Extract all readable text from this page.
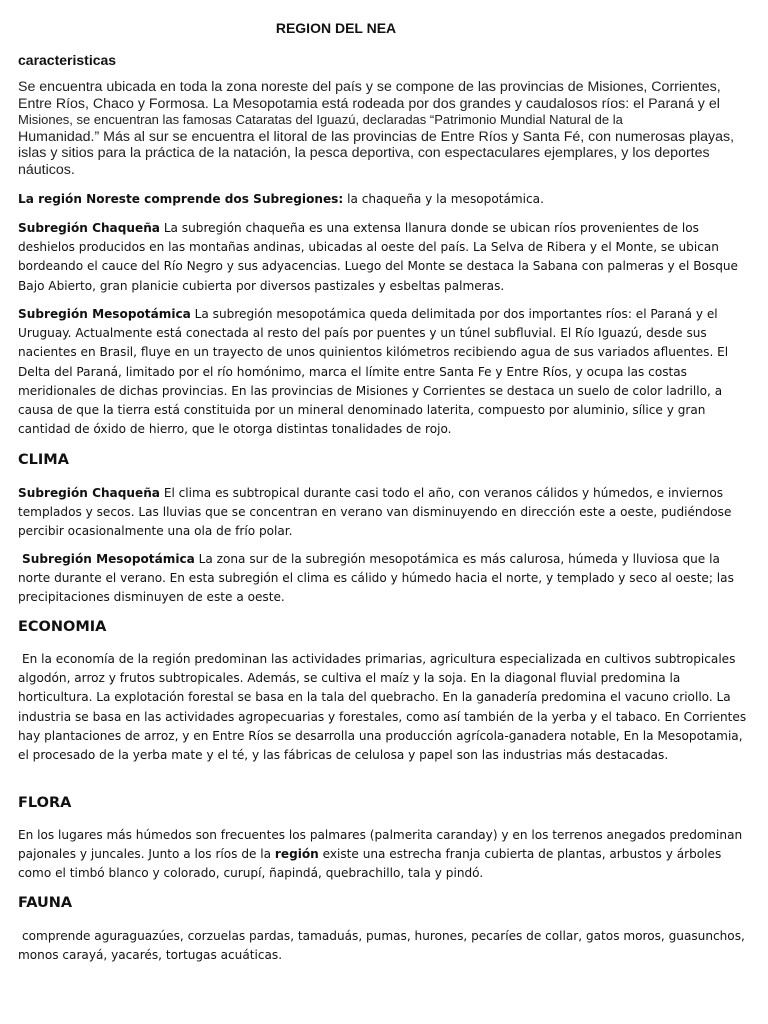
REGION DEL NEA
caracteristicas
Se encuentra ubicada en toda la zona noreste del país y se compone de las provincias de Misiones, Corrientes,
Entre Ríos, Chaco y Formosa. La Mesopotamia está rodeada por dos grandes y caudalosos ríos: el Paraná y el
Misiones, se encuentran las famosas Cataratas del Iguazú, declaradas “Patrimonio Mundial Natural de la
Humanidad.” Más al sur se encuentra el litoral de las provincias de Entre Ríos y Santa Fé, con numerosas playas,
islas y sitios para la práctica de la natación, la pesca deportiva, con espectaculares ejemplares, y los deportes
náuticos.
La región Noreste comprende dos Subregiones: la chaqueña y la mesopotámica.
Subregión Chaqueña La subregión chaqueña es una extensa llanura donde se ubican ríos provenientes de los deshielos producidos en las montañas andinas, ubicadas al oeste del país. La Selva de Ribera y el Monte, se ubican bordeando el cauce del Río Negro y sus adyacencias. Luego del Monte se destaca la Sabana con palmeras y el Bosque Bajo Abierto, gran planicie cubierta por diversos pastizales y esbeltas palmeras.
Subregión Mesopotámica La subregión mesopotámica queda delimitada por dos importantes ríos: el Paraná y el Uruguay. Actualmente está conectada al resto del país por puentes y un túnel subfluvial. El Río Iguazú, desde sus nacientes en Brasil, fluye en un trayecto de unos quinientos kilómetros recibiendo agua de sus variados afluentes. El Delta del Paraná, limitado por el río homónimo, marca el límite entre Santa Fe y Entre Ríos, y ocupa las costas meridionales de dichas provincias. En las provincias de Misiones y Corrientes se destaca un suelo de color ladrillo, a causa de que la tierra está constituida por un mineral denominado laterita, compuesto por aluminio, sílice y gran cantidad de óxido de hierro, que le otorga distintas tonalidades de rojo.
CLIMA
Subregión Chaqueña El clima es subtropical durante casi todo el año, con veranos cálidos y húmedos, e inviernos templados y secos. Las lluvias que se concentran en verano van disminuyendo en dirección este a oeste, pudiéndose percibir ocasionalmente una ola de frío polar.
Subregión Mesopotámica La zona sur de la subregión mesopotámica es más calurosa, húmeda y lluviosa que la norte durante el verano. En esta subregión el clima es cálido y húmedo hacia el norte, y templado y seco al oeste; las precipitaciones disminuyen de este a oeste.
ECONOMIA
En la economía de la región predominan las actividades primarias, agricultura especializada en cultivos subtropicales algodón, arroz y frutos subtropicales. Además, se cultiva el maíz y la soja. En la diagonal fluvial predomina la horticultura. La explotación forestal se basa en la tala del quebracho. En la ganadería predomina el vacuno criollo. La industria se basa en las actividades agropecuarias y forestales, como así también de la yerba y el tabaco. En Corrientes hay plantaciones de arroz, y en Entre Ríos se desarrolla una producción agrícola-ganadera notable, En la Mesopotamia, el procesado de la yerba mate y el té, y las fábricas de celulosa y papel son las industrias más destacadas.
FLORA
En los lugares más húmedos son frecuentes los palmares (palmerita caranday) y en los terrenos anegados predominan pajonales y juncales. Junto a los ríos de la región existe una estrecha franja cubierta de plantas, arbustos y árboles como el timbó blanco y colorado, curupí, ñapindá, quebrachillo, tala y pindó.
FAUNA
comprende aguraguazúes, corzuelas pardas, tamaduás, pumas, hurones, pecaríes de collar, gatos moros, guasunchos, monos carayá, yacarés, tortugas acuáticas.
